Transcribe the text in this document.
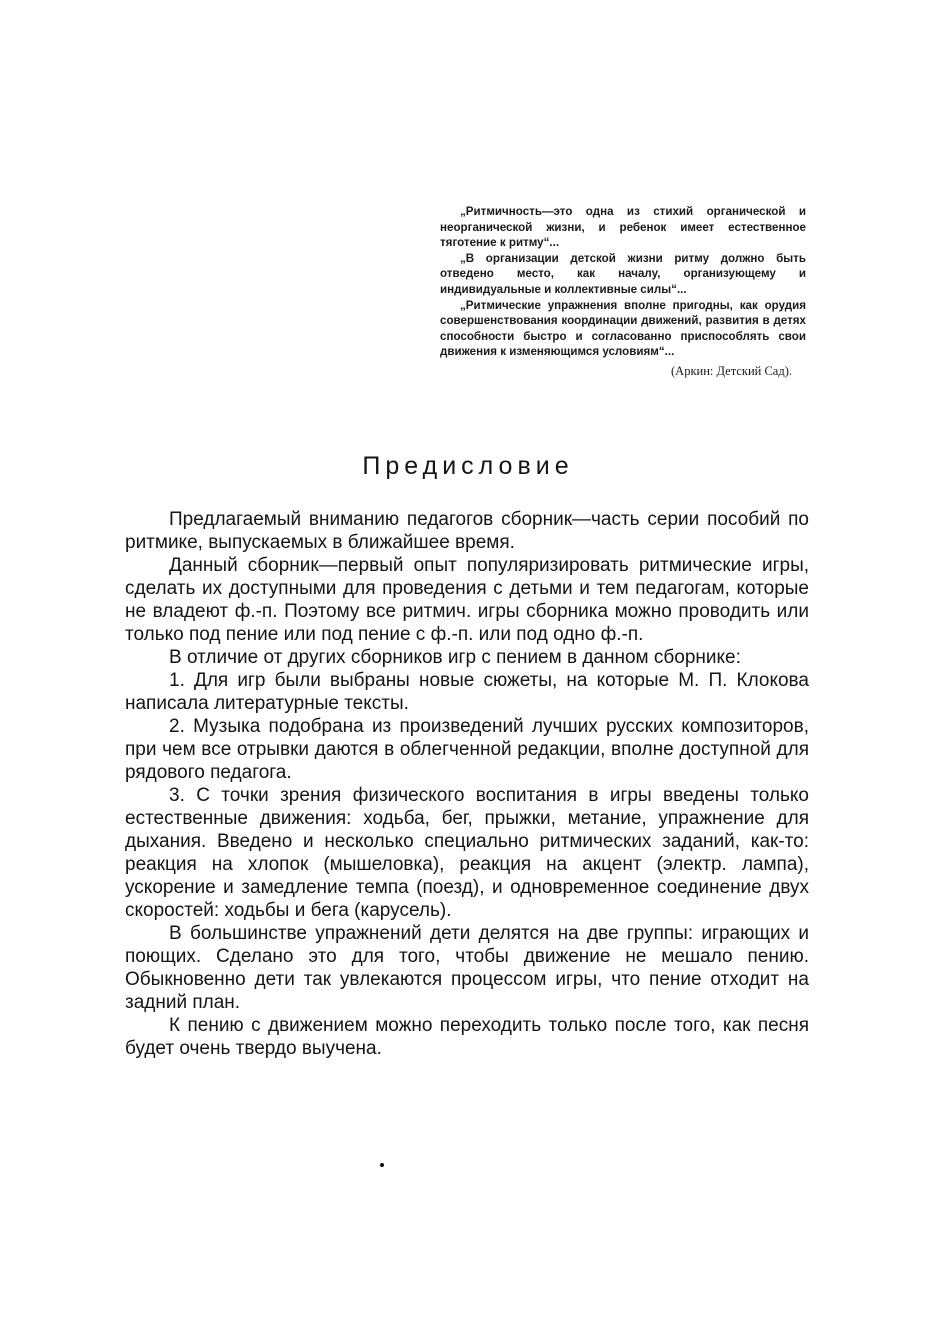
„Ритмичность—это одна из стихий органической и неорганической жизни, и ребенок имеет естественное тяготение к ритму“...

„В организации детской жизни ритму должно быть отведено место, как началу, организующему и индивидуальные и коллективные силы“...

„Ритмические упражнения вполне пригодны, как орудия совершенствования координации движений, развития в детях способности быстро и согласованно приспособлять свои движения к изменяющимся условиям“...

(Аркин: Детский Сад).

Предисловие

Предлагаемый вниманию педагогов сборник—часть серии пособий по ритмике, выпускаемых в ближайшее время.

Данный сборник—первый опыт популяризировать ритмические игры, сделать их доступными для проведения с детьми и тем педагогам, которые не владеют ф.-п. Поэтому все ритмич. игры сборника можно проводить или только под пение или под пение с ф.-п. или под одно ф.-п.

В отличие от других сборников игр с пением в данном сборнике:

1. Для игр были выбраны новые сюжеты, на которые М. П. Клокова написала литературные тексты.

2. Музыка подобрана из произведений лучших русских композиторов, при чем все отрывки даются в облегченной редакции, вполне доступной для рядового педагога.

3. С точки зрения физического воспитания в игры введены только естественные движения: ходьба, бег, прыжки, метание, упражнение для дыхания. Введено и несколько специально ритмических заданий, как-то: реакция на хлопок (мышеловка), реакция на акцент (электр. лампа), ускорение и замедление темпа (поезд), и одновременное соединение двух скоростей: ходьбы и бега (карусель).

В большинстве упражнений дети делятся на две группы: играющих и поющих. Сделано это для того, чтобы движение не мешало пению. Обыкновенно дети так увлекаются процессом игры, что пение отходит на задний план.

К пению с движением можно переходить только после того, как песня будет очень твердо выучена.
